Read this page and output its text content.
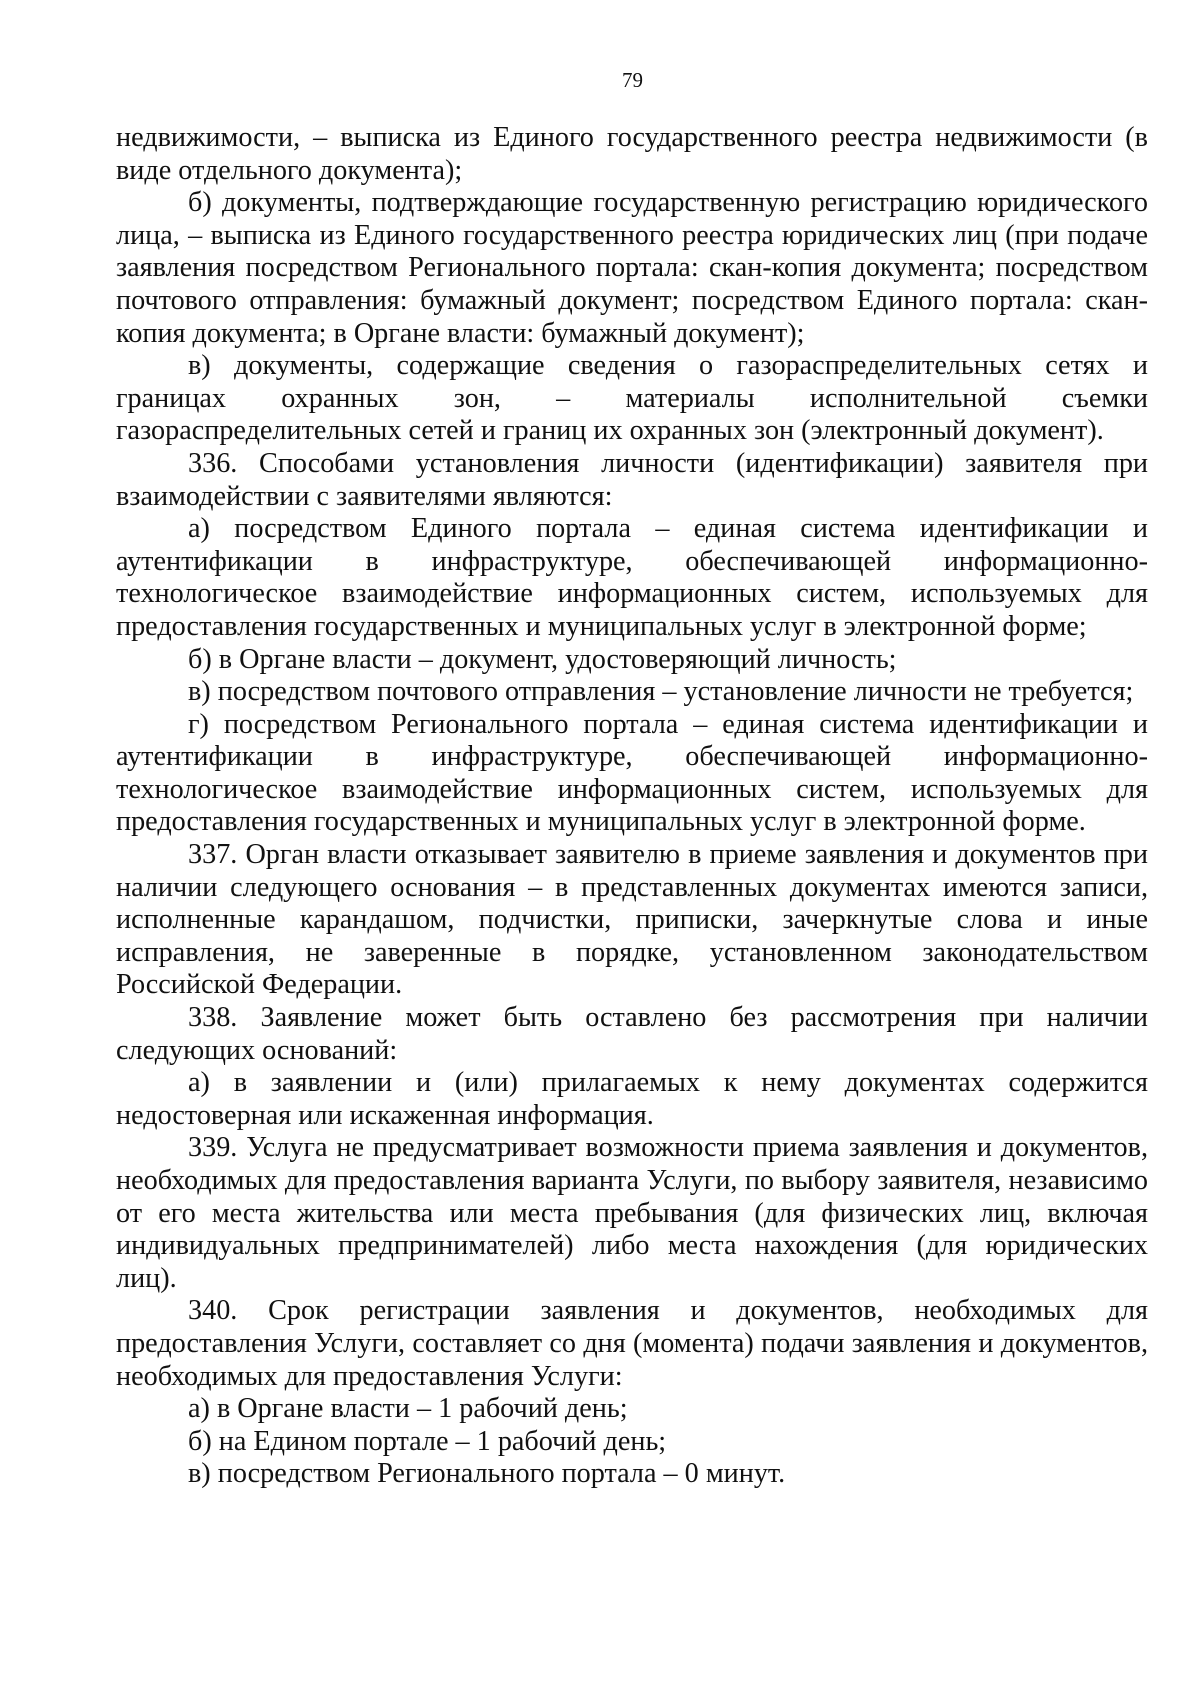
79

недвижимости, – выписка из Единого государственного реестра недвижимости (в виде отдельного документа);

б) документы, подтверждающие государственную регистрацию юридического лица, – выписка из Единого государственного реестра юридических лиц (при подаче заявления посредством Регионального портала: скан-копия документа; посредством почтового отправления: бумажный документ; посредством Единого портала: скан-копия документа; в Органе власти: бумажный документ);

в) документы, содержащие сведения о газораспределительных сетях и границах охранных зон, – материалы исполнительной съемки газораспределительных сетей и границ их охранных зон (электронный документ).

336. Способами установления личности (идентификации) заявителя при взаимодействии с заявителями являются:

а) посредством Единого портала – единая система идентификации и аутентификации в инфраструктуре, обеспечивающей информационно-технологическое взаимодействие информационных систем, используемых для предоставления государственных и муниципальных услуг в электронной форме;

б) в Органе власти – документ, удостоверяющий личность;

в) посредством почтового отправления – установление личности не требуется;

г) посредством Регионального портала – единая система идентификации и аутентификации в инфраструктуре, обеспечивающей информационно-технологическое взаимодействие информационных систем, используемых для предоставления государственных и муниципальных услуг в электронной форме.

337. Орган власти отказывает заявителю в приеме заявления и документов при наличии следующего основания – в представленных документах имеются записи, исполненные карандашом, подчистки, приписки, зачеркнутые слова и иные исправления, не заверенные в порядке, установленном законодательством Российской Федерации.

338. Заявление может быть оставлено без рассмотрения при наличии следующих оснований:

а) в заявлении и (или) прилагаемых к нему документах содержится недостоверная или искаженная информация.

339. Услуга не предусматривает возможности приема заявления и документов, необходимых для предоставления варианта Услуги, по выбору заявителя, независимо от его места жительства или места пребывания (для физических лиц, включая индивидуальных предпринимателей) либо места нахождения (для юридических лиц).

340. Срок регистрации заявления и документов, необходимых для предоставления Услуги, составляет со дня (момента) подачи заявления и документов, необходимых для предоставления Услуги:

а) в Органе власти – 1 рабочий день;

б) на Едином портале – 1 рабочий день;

в) посредством Регионального портала – 0 минут.
